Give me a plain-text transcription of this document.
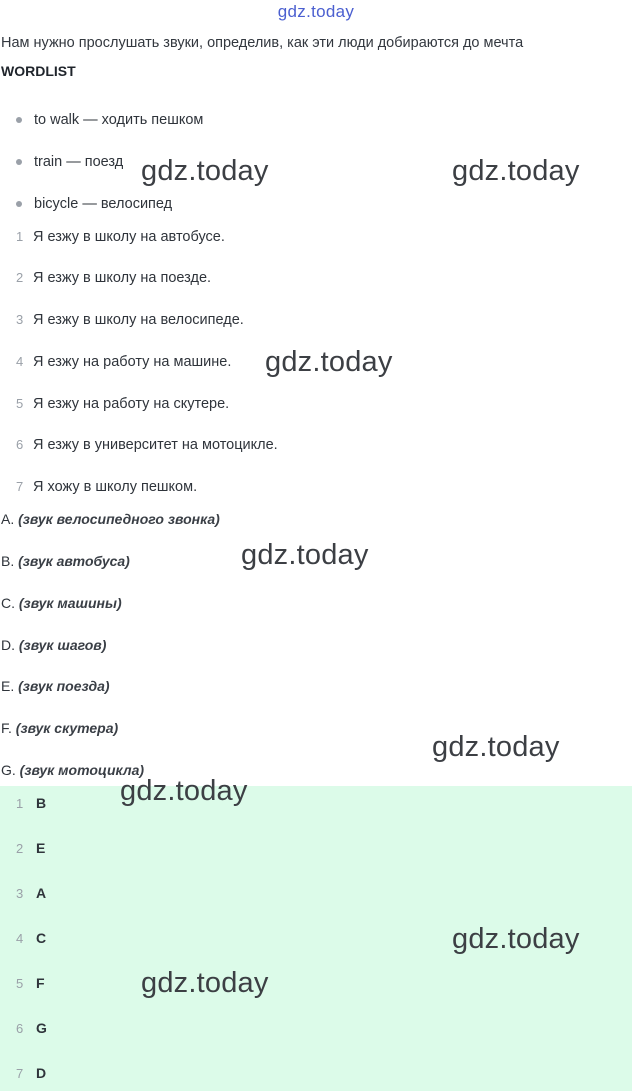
gdz.today
Нам нужно прослушать звуки, определив, как эти люди добираются до мечта
WORDLIST
to walk — ходить пешком
train — поезд
bicycle — велосипед
1 Я езжу в школу на автобусе.
2 Я езжу в школу на поезде.
3 Я езжу в школу на велосипеде.
4 Я езжу на работу на машине.
5 Я езжу на работу на скутере.
6 Я езжу в университет на мотоцикле.
7 Я хожу в школу пешком.
A. (звук велосипедного звонка)
B. (звук автобуса)
C. (звук машины)
D. (звук шагов)
E. (звук поезда)
F. (звук скутера)
G. (звук мотоцикла)
1 B
2 E
3 A
4 C
5 F
6 G
7 D
gdz.today	gdz.today
gdz.today
gdz.today
gdz.today
gdz.today
gdz.today
gdz.today
